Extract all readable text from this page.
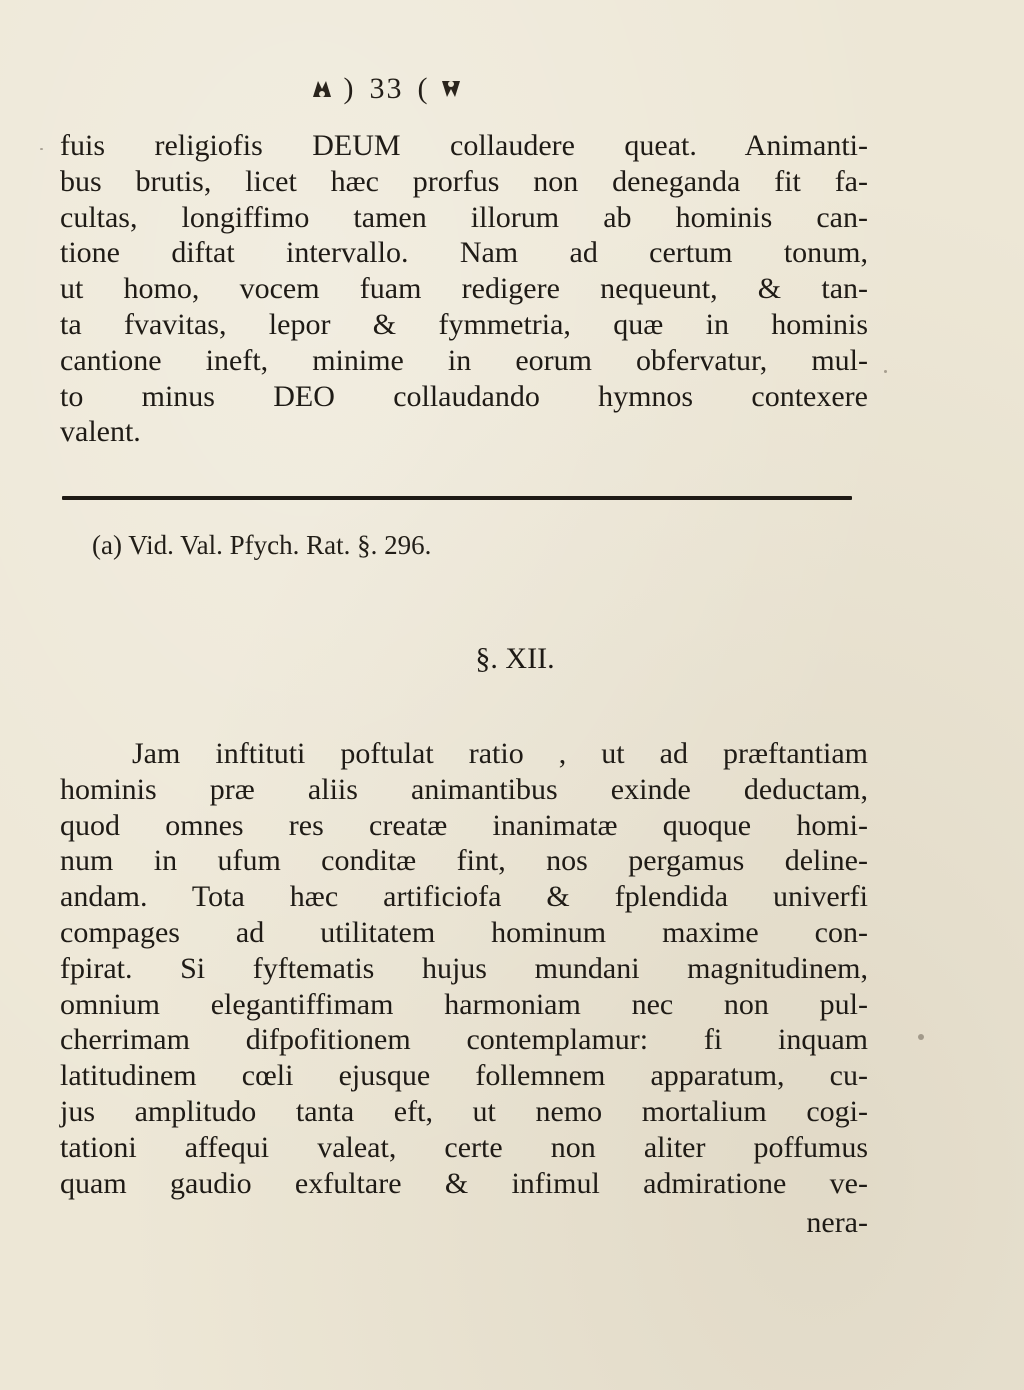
) 33 (
fuis religiofis DEUM collaudere queat. Animanti-
bus brutis, licet hæc prorfus non deneganda fit fa-
cultas, longiffimo tamen illorum ab hominis can-
tione diftat intervallo. Nam ad certum tonum,
ut homo, vocem fuam redigere nequeunt, & tan-
ta fvavitas, lepor & fymmetria, quæ in hominis
cantione ineft, minime in eorum obfervatur, mul-
to minus DEO collaudando hymnos contexere
valent.
(a) Vid. Val. Pfych. Rat. §. 296.
§. XII.
Jam inftituti poftulat ratio , ut ad præftantiam
hominis præ aliis animantibus exinde deductam,
quod omnes res creatæ inanimatæ quoque homi-
num in ufum conditæ fint, nos pergamus deline-
andam. Tota hæc artificiofa & fplendida univerfi
compages ad utilitatem hominum maxime con-
fpirat. Si fyftematis hujus mundani magnitudinem,
omnium elegantiffimam harmoniam nec non pul-
cherrimam difpofitionem contemplamur: fi inquam
latitudinem cœli ejusque follemnem apparatum, cu-
jus amplitudo tanta eft, ut nemo mortalium cogi-
tationi affequi valeat, certe non aliter poffumus
quam gaudio exfultare & infimul admiratione ve-
nera-
